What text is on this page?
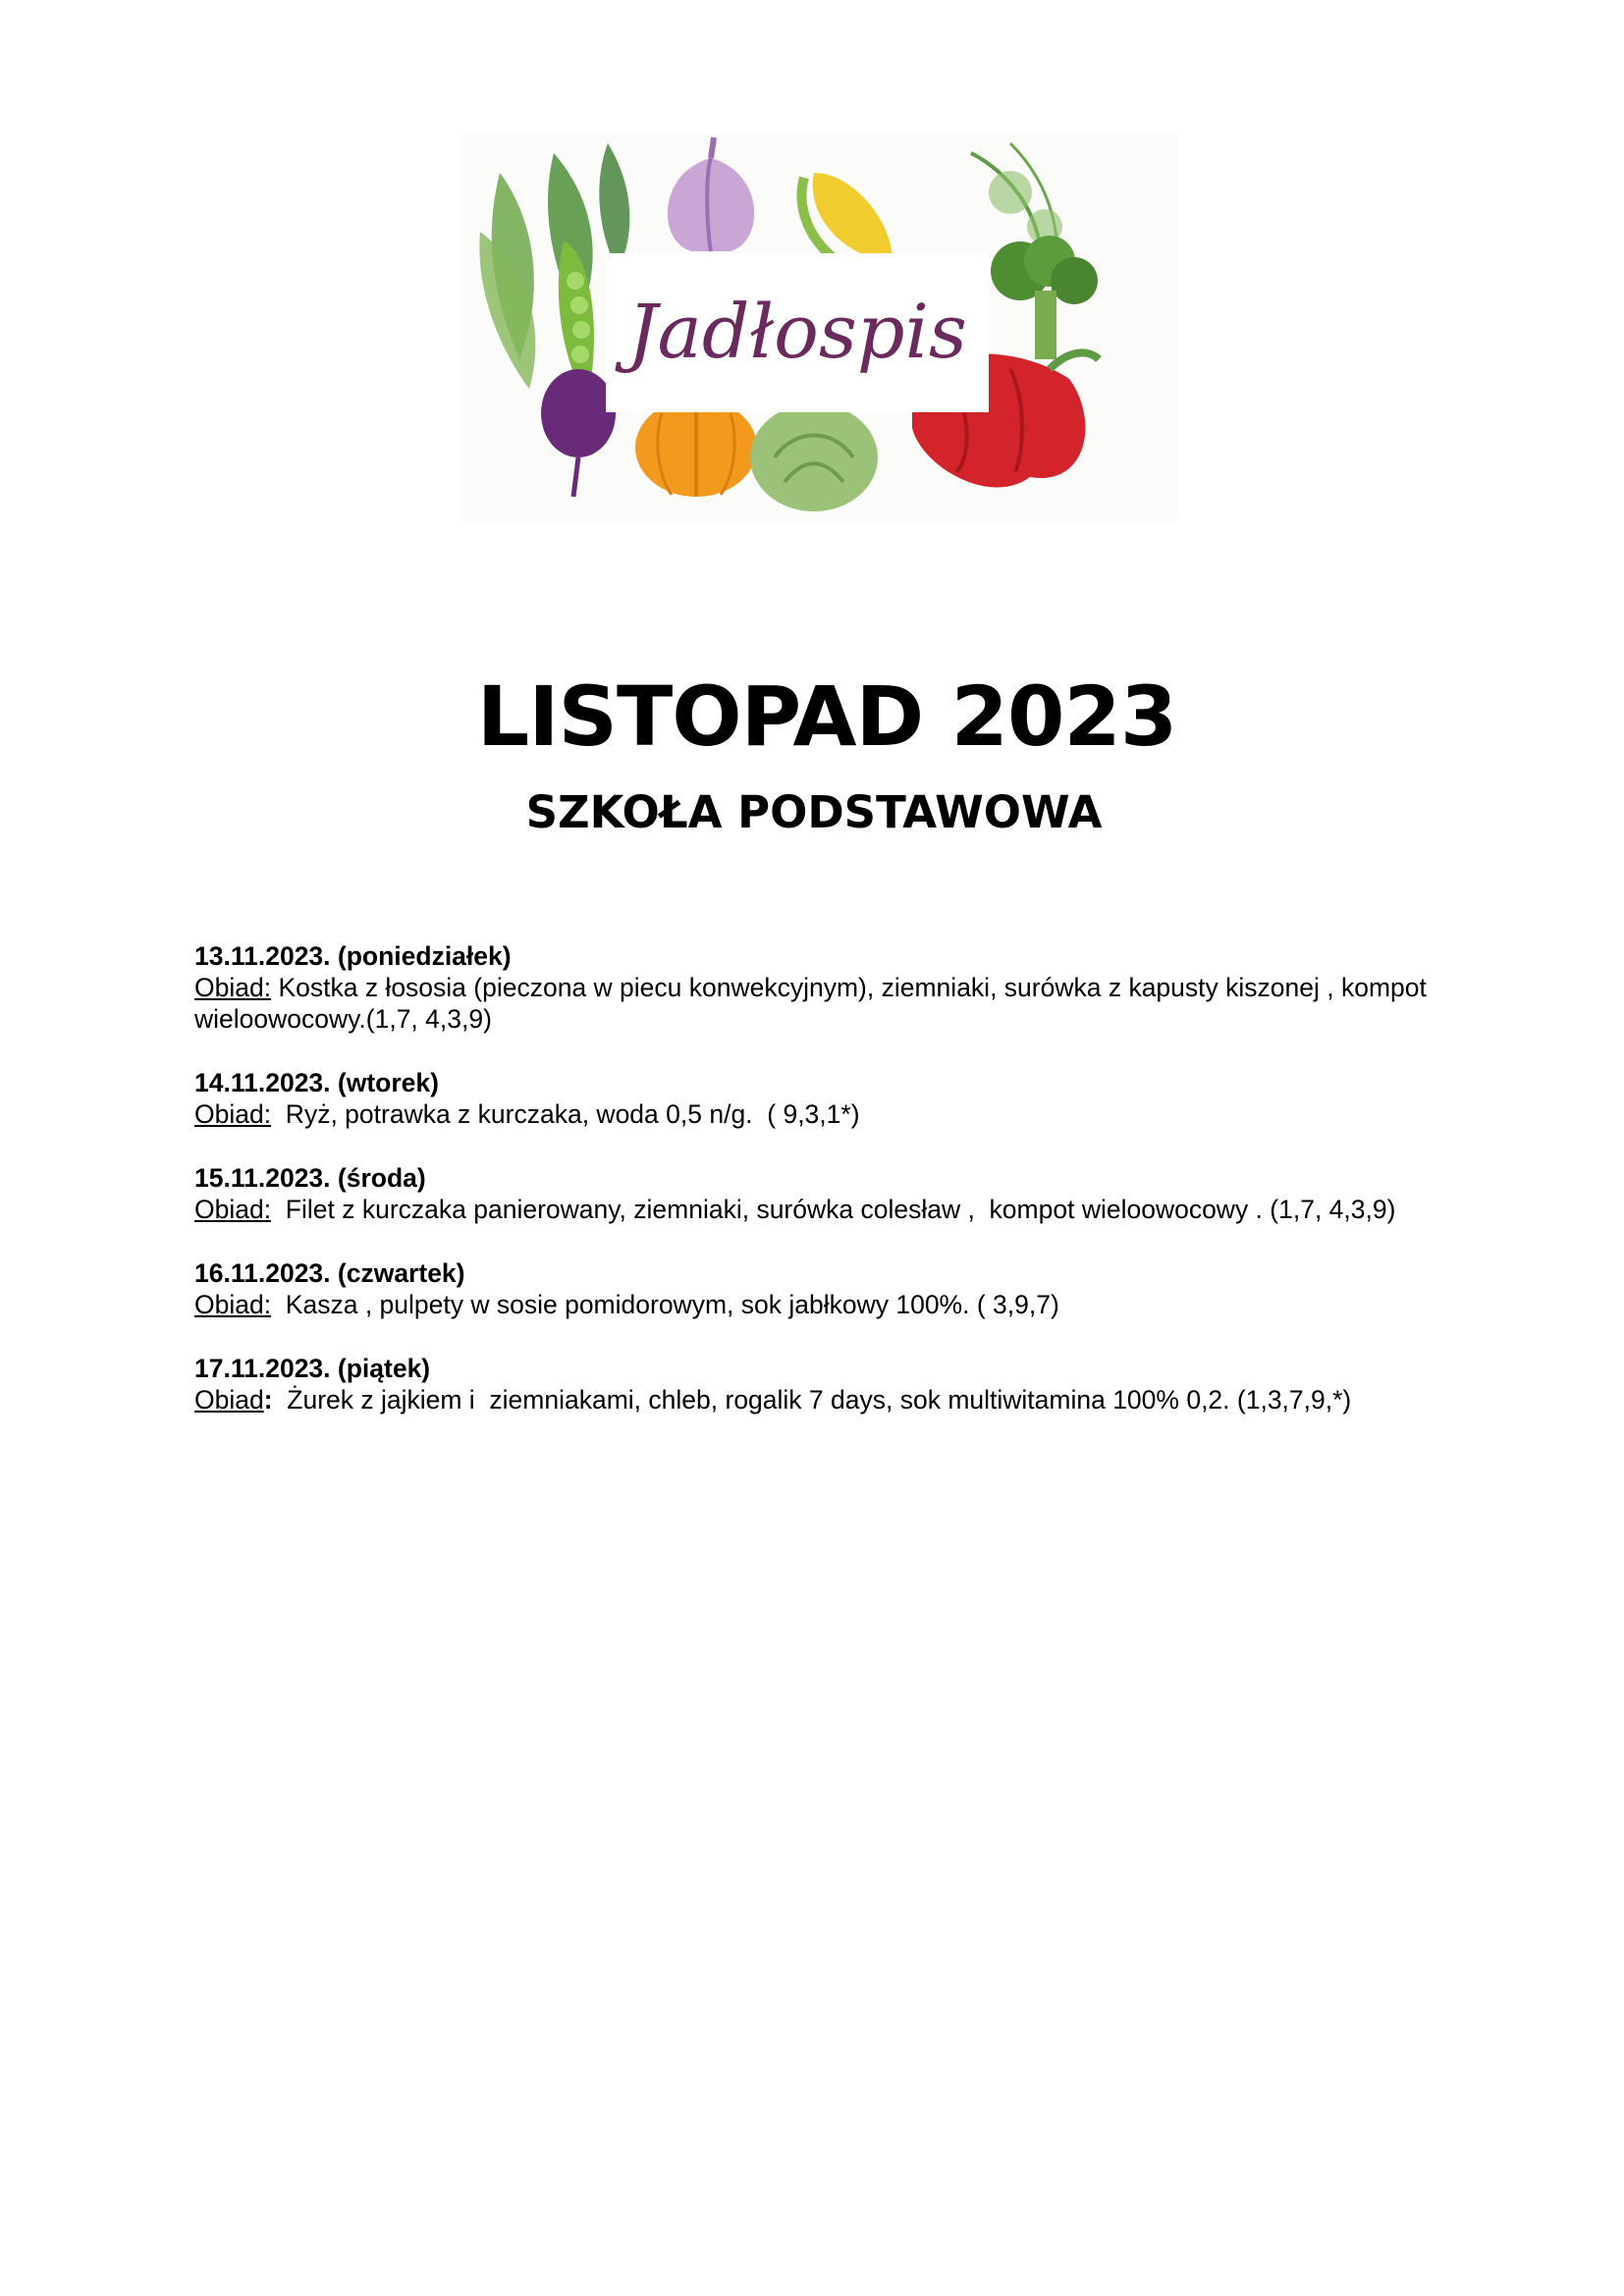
Jadłospis
LISTOPAD 2023
SZKOŁA PODSTAWOWA
13.11.2023. (poniedziałek)
Obiad: Kostka z łososia (pieczona w piecu konwekcyjnym), ziemniaki, surówka z kapusty kiszonej , kompot wieloowocowy.(1,7, 4,3,9)
14.11.2023. (wtorek)
Obiad:  Ryż, potrawka z kurczaka, woda 0,5 n/g.  ( 9,3,1*)
15.11.2023. (środa)
Obiad:  Filet z kurczaka panierowany, ziemniaki, surówka colesław ,  kompot wieloowocowy . (1,7, 4,3,9)
16.11.2023. (czwartek)
Obiad:  Kasza , pulpety w sosie pomidorowym, sok jabłkowy 100%. ( 3,9,7)
17.11.2023. (piątek)
Obiad:  Żurek z jajkiem i  ziemniakami, chleb, rogalik 7 days, sok multiwitamina 100% 0,2. (1,3,7,9,*)
